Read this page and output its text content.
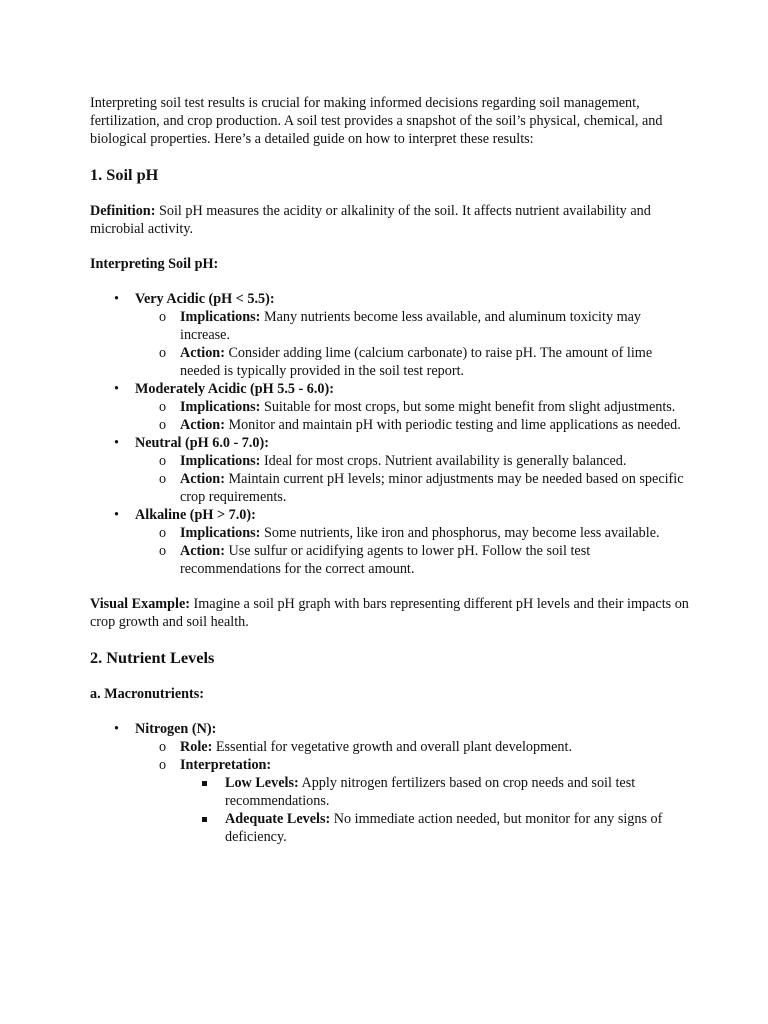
Interpreting soil test results is crucial for making informed decisions regarding soil management, fertilization, and crop production. A soil test provides a snapshot of the soil’s physical, chemical, and biological properties. Here’s a detailed guide on how to interpret these results:

1. Soil pH

Definition: Soil pH measures the acidity or alkalinity of the soil. It affects nutrient availability and microbial activity.

Interpreting Soil pH:

• Very Acidic (pH < 5.5):
o Implications: Many nutrients become less available, and aluminum toxicity may increase.
o Action: Consider adding lime (calcium carbonate) to raise pH. The amount of lime needed is typically provided in the soil test report.
• Moderately Acidic (pH 5.5 - 6.0):
o Implications: Suitable for most crops, but some might benefit from slight adjustments.
o Action: Monitor and maintain pH with periodic testing and lime applications as needed.
• Neutral (pH 6.0 - 7.0):
o Implications: Ideal for most crops. Nutrient availability is generally balanced.
o Action: Maintain current pH levels; minor adjustments may be needed based on specific crop requirements.
• Alkaline (pH > 7.0):
o Implications: Some nutrients, like iron and phosphorus, may become less available.
o Action: Use sulfur or acidifying agents to lower pH. Follow the soil test recommendations for the correct amount.

Visual Example: Imagine a soil pH graph with bars representing different pH levels and their impacts on crop growth and soil health.

2. Nutrient Levels

a. Macronutrients:

• Nitrogen (N):
o Role: Essential for vegetative growth and overall plant development.
o Interpretation:
Low Levels: Apply nitrogen fertilizers based on crop needs and soil test recommendations.
Adequate Levels: No immediate action needed, but monitor for any signs of deficiency.
